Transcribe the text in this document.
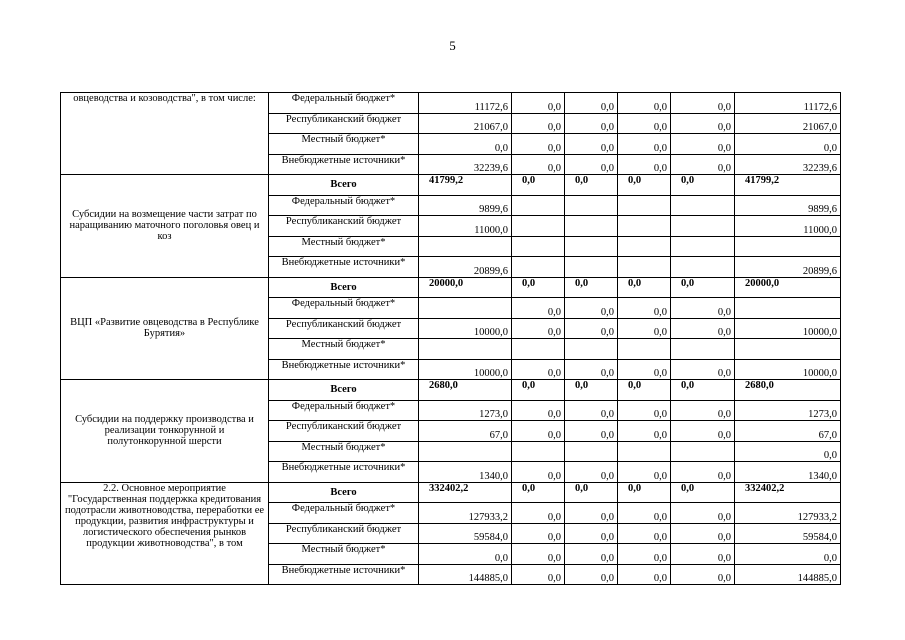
5
овцеводства и козоводства", в том числе:	Федеральный бюджет*	11172,6	0,0	0,0	0,0	0,0	11172,6
	Республиканский бюджет	21067,0	0,0	0,0	0,0	0,0	21067,0
	Местный бюджет*	0,0	0,0	0,0	0,0	0,0	0,0
	Внебюджетные источники*	32239,6	0,0	0,0	0,0	0,0	32239,6
Субсидии на возмещение части затрат по наращиванию маточного поголовья овец и коз	Всего	41799,2	0,0	0,0	0,0	0,0	41799,2
	Федеральный бюджет*	9899,6					9899,6
	Республиканский бюджет	11000,0					11000,0
	Местный бюджет*						
	Внебюджетные источники*	20899,6					20899,6
ВЦП «Развитие овцеводства в Республике Бурятия»	Всего	20000,0	0,0	0,0	0,0	0,0	20000,0
	Федеральный бюджет*		0,0	0,0	0,0	0,0	
	Республиканский бюджет	10000,0	0,0	0,0	0,0	0,0	10000,0
	Местный бюджет*						
	Внебюджетные источники*	10000,0	0,0	0,0	0,0	0,0	10000,0
Субсидии на поддержку производства и реализации тонкорунной и полутонкорунной шерсти	Всего	2680,0	0,0	0,0	0,0	0,0	2680,0
	Федеральный бюджет*	1273,0	0,0	0,0	0,0	0,0	1273,0
	Республиканский бюджет	67,0	0,0	0,0	0,0	0,0	67,0
	Местный бюджет*						0,0
	Внебюджетные источники*	1340,0	0,0	0,0	0,0	0,0	1340,0
2.2. Основное мероприятие "Государственная поддержка кредитования подотрасли животноводства, переработки ее продукции, развития инфраструктуры и логистического обеспечения рынков продукции животноводства", в том	Всего	332402,2	0,0	0,0	0,0	0,0	332402,2
	Федеральный бюджет*	127933,2	0,0	0,0	0,0	0,0	127933,2
	Республиканский бюджет	59584,0	0,0	0,0	0,0	0,0	59584,0
	Местный бюджет*	0,0	0,0	0,0	0,0	0,0	0,0
	Внебюджетные источники*	144885,0	0,0	0,0	0,0	0,0	144885,0
